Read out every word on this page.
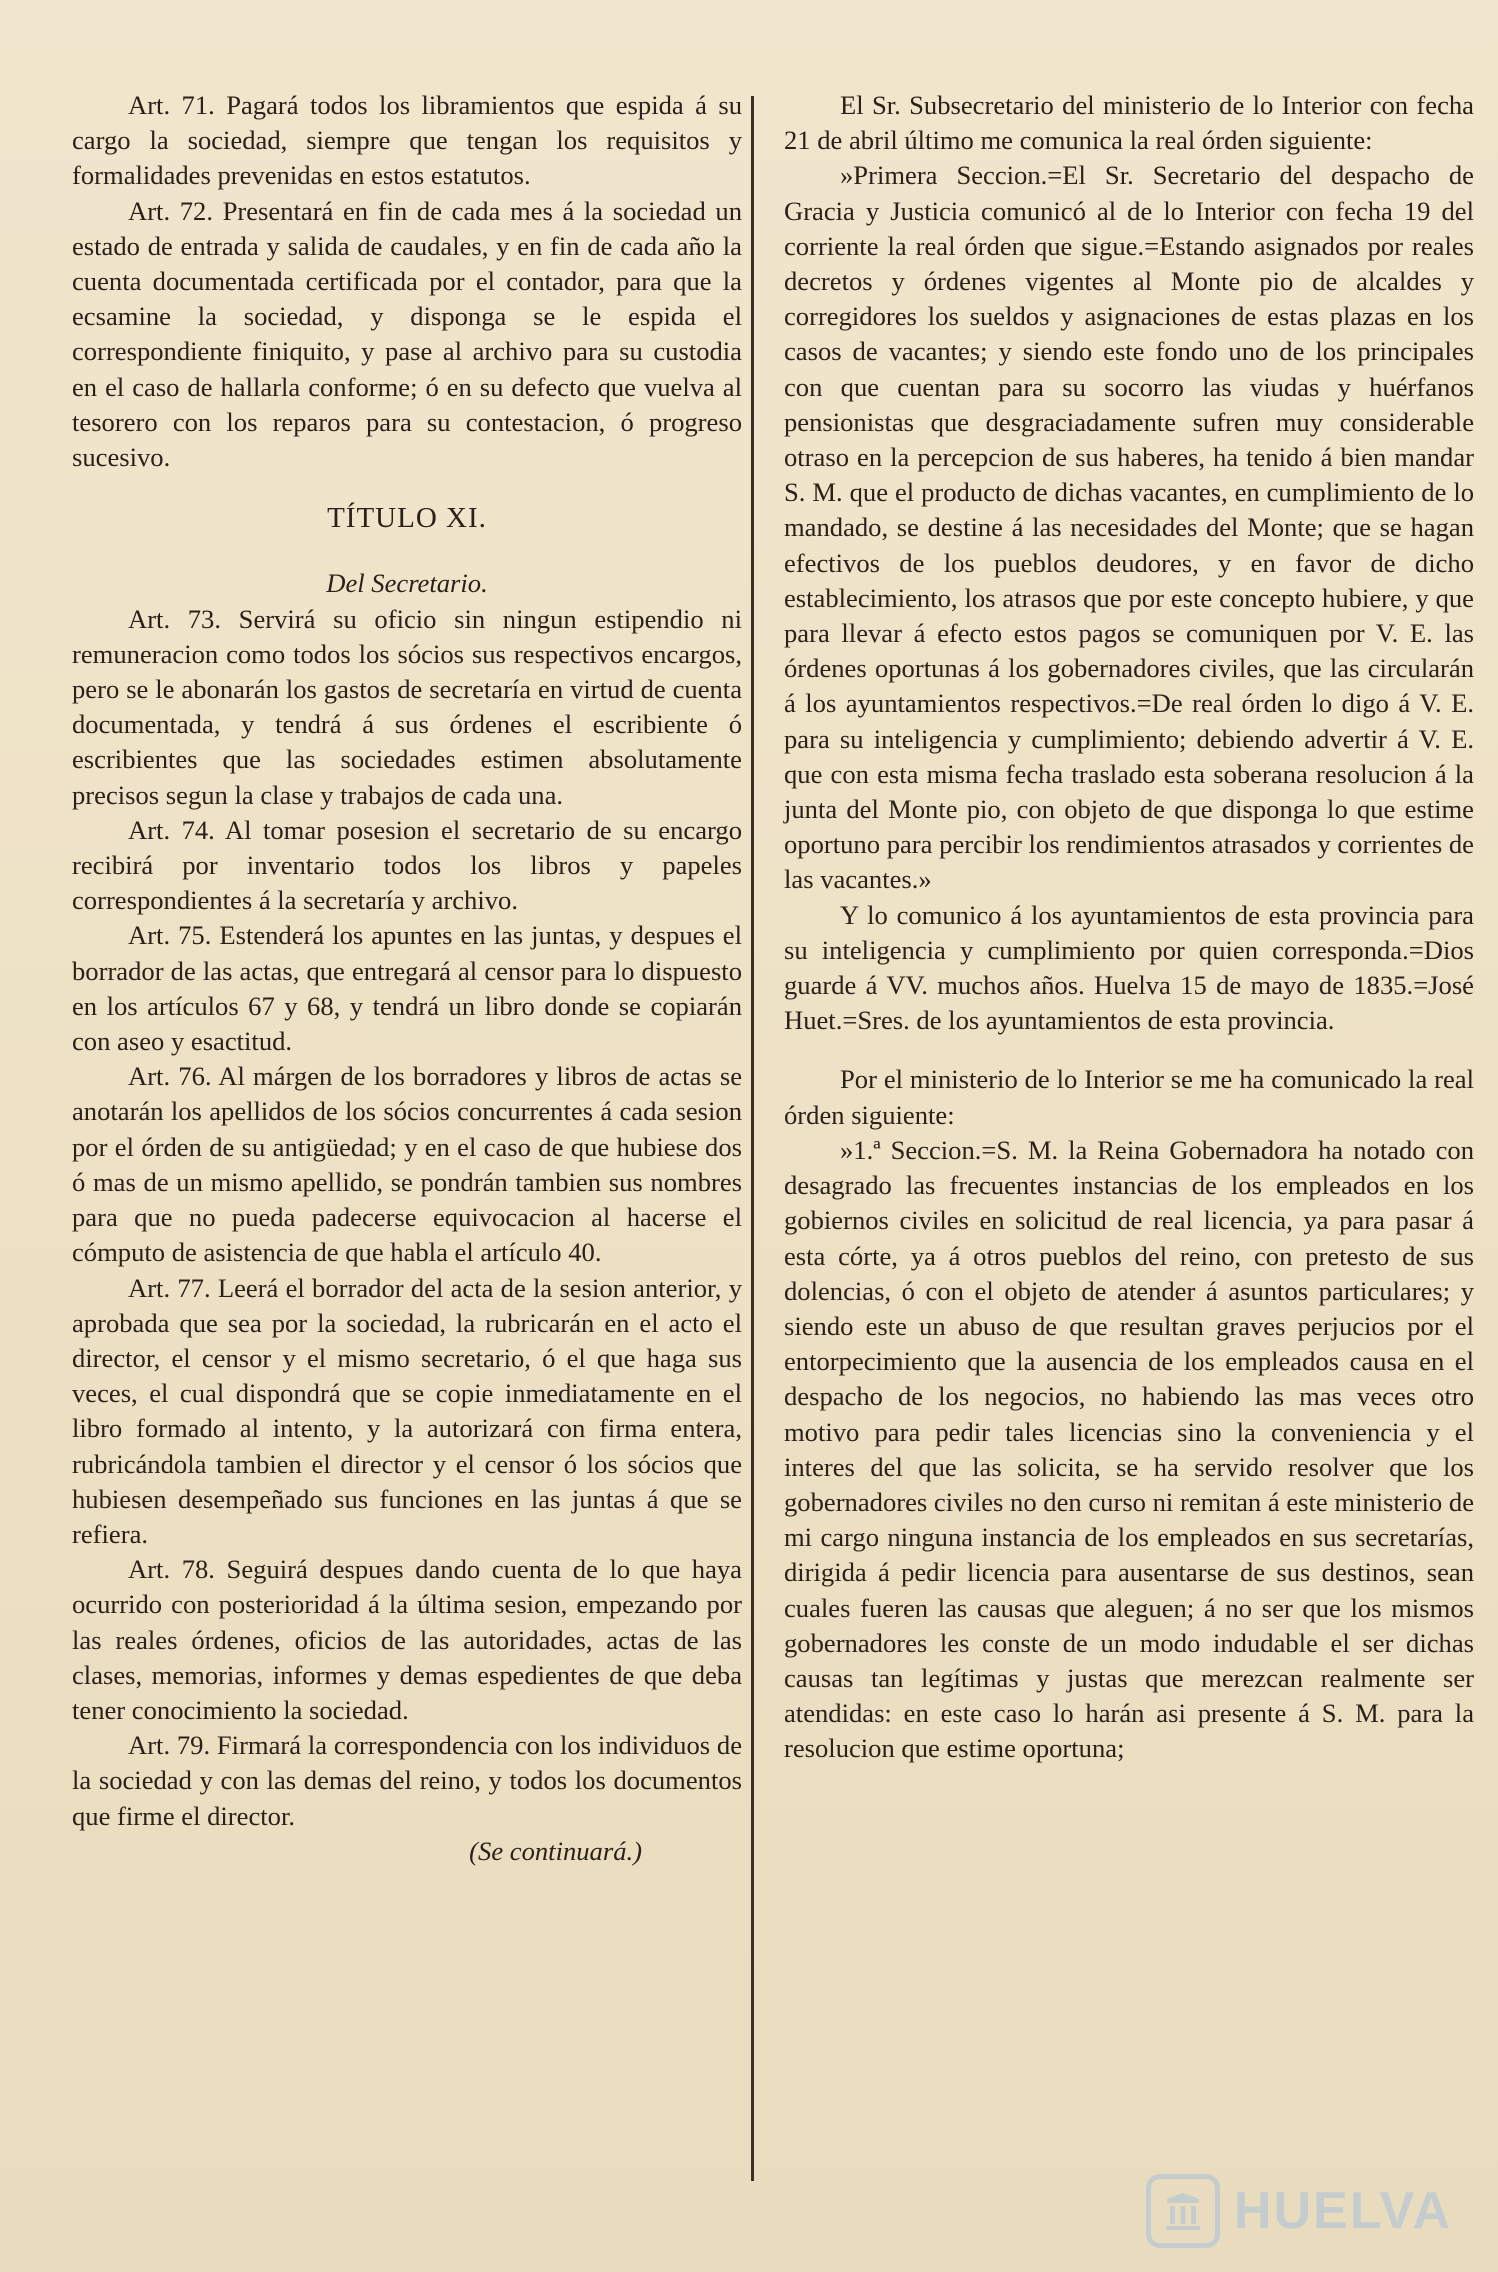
Art. 71. Pagará todos los libramientos que espida á su cargo la sociedad, siempre que tengan los requisitos y formalidades prevenidas en estos estatutos.

Art. 72. Presentará en fin de cada mes á la sociedad un estado de entrada y salida de caudales, y en fin de cada año la cuenta documentada certificada por el contador, para que la ecsamine la sociedad, y disponga se le espida el correspondiente finiquito, y pase al archivo para su custodia en el caso de hallarla conforme; ó en su defecto que vuelva al tesorero con los reparos para su contestacion, ó progreso sucesivo.

TÍTULO XI.

Del Secretario.

Art. 73. Servirá su oficio sin ningun estipendio ni remuneracion como todos los sócios sus respectivos encargos, pero se le abonarán los gastos de secretaría en virtud de cuenta documentada, y tendrá á sus órdenes el escribiente ó escribientes que las sociedades estimen absolutamente precisos segun la clase y trabajos de cada una.

Art. 74. Al tomar posesion el secretario de su encargo recibirá por inventario todos los libros y papeles correspondientes á la secretaría y archivo.

Art. 75. Estenderá los apuntes en las juntas, y despues el borrador de las actas, que entregará al censor para lo dispuesto en los artículos 67 y 68, y tendrá un libro donde se copiarán con aseo y esactitud.

Art. 76. Al márgen de los borradores y libros de actas se anotarán los apellidos de los sócios concurrentes á cada sesion por el órden de su antigüedad; y en el caso de que hubiese dos ó mas de un mismo apellido, se pondrán tambien sus nombres para que no pueda padecerse equivocacion al hacerse el cómputo de asistencia de que habla el artículo 40.

Art. 77. Leerá el borrador del acta de la sesion anterior, y aprobada que sea por la sociedad, la rubricarán en el acto el director, el censor y el mismo secretario, ó el que haga sus veces, el cual dispondrá que se copie inmediatamente en el libro formado al intento, y la autorizará con firma entera, rubricándola tambien el director y el censor ó los sócios que hubiesen desempeñado sus funciones en las juntas á que se refiera.

Art. 78. Seguirá despues dando cuenta de lo que haya ocurrido con posterioridad á la última sesion, empezando por las reales órdenes, oficios de las autoridades, actas de las clases, memorias, informes y demas espedientes de que deba tener conocimiento la sociedad.

Art. 79. Firmará la correspondencia con los individuos de la sociedad y con las demas del reino, y todos los documentos que firme el director.

(Se continuará.)

El Sr. Subsecretario del ministerio de lo Interior con fecha 21 de abril último me comunica la real órden siguiente:

»Primera Seccion.=El Sr. Secretario del despacho de Gracia y Justicia comunicó al de lo Interior con fecha 19 del corriente la real órden que sigue.=Estando asignados por reales decretos y órdenes vigentes al Monte pio de alcaldes y corregidores los sueldos y asignaciones de estas plazas en los casos de vacantes; y siendo este fondo uno de los principales con que cuentan para su socorro las viudas y huérfanos pensionistas que desgraciadamente sufren muy considerable otraso en la percepcion de sus haberes, ha tenido á bien mandar S. M. que el producto de dichas vacantes, en cumplimiento de lo mandado, se destine á las necesidades del Monte; que se hagan efectivos de los pueblos deudores, y en favor de dicho establecimiento, los atrasos que por este concepto hubiere, y que para llevar á efecto estos pagos se comuniquen por V. E. las órdenes oportunas á los gobernadores civiles, que las circularán á los ayuntamientos respectivos.=De real órden lo digo á V. E. para su inteligencia y cumplimiento; debiendo advertir á V. E. que con esta misma fecha traslado esta soberana resolucion á la junta del Monte pio, con objeto de que disponga lo que estime oportuno para percibir los rendimientos atrasados y corrientes de las vacantes.»

Y lo comunico á los ayuntamientos de esta provincia para su inteligencia y cumplimiento por quien corresponda.=Dios guarde á VV. muchos años. Huelva 15 de mayo de 1835.=José Huet.=Sres. de los ayuntamientos de esta provincia.

Por el ministerio de lo Interior se me ha comunicado la real órden siguiente:

»1.ª Seccion.=S. M. la Reina Gobernadora ha notado con desagrado las frecuentes instancias de los empleados en los gobiernos civiles en solicitud de real licencia, ya para pasar á esta córte, ya á otros pueblos del reino, con pretesto de sus dolencias, ó con el objeto de atender á asuntos particulares; y siendo este un abuso de que resultan graves perjucios por el entorpecimiento que la ausencia de los empleados causa en el despacho de los negocios, no habiendo las mas veces otro motivo para pedir tales licencias sino la conveniencia y el interes del que las solicita, se ha servido resolver que los gobernadores civiles no den curso ni remitan á este ministerio de mi cargo ninguna instancia de los empleados en sus secretarías, dirigida á pedir licencia para ausentarse de sus destinos, sean cuales fueren las causas que aleguen; á no ser que los mismos gobernadores les conste de un modo indudable el ser dichas causas tan legítimas y justas que merezcan realmente ser atendidas: en este caso lo harán asi presente á S. M. para la resolucion que estime oportuna;

HUELVA
